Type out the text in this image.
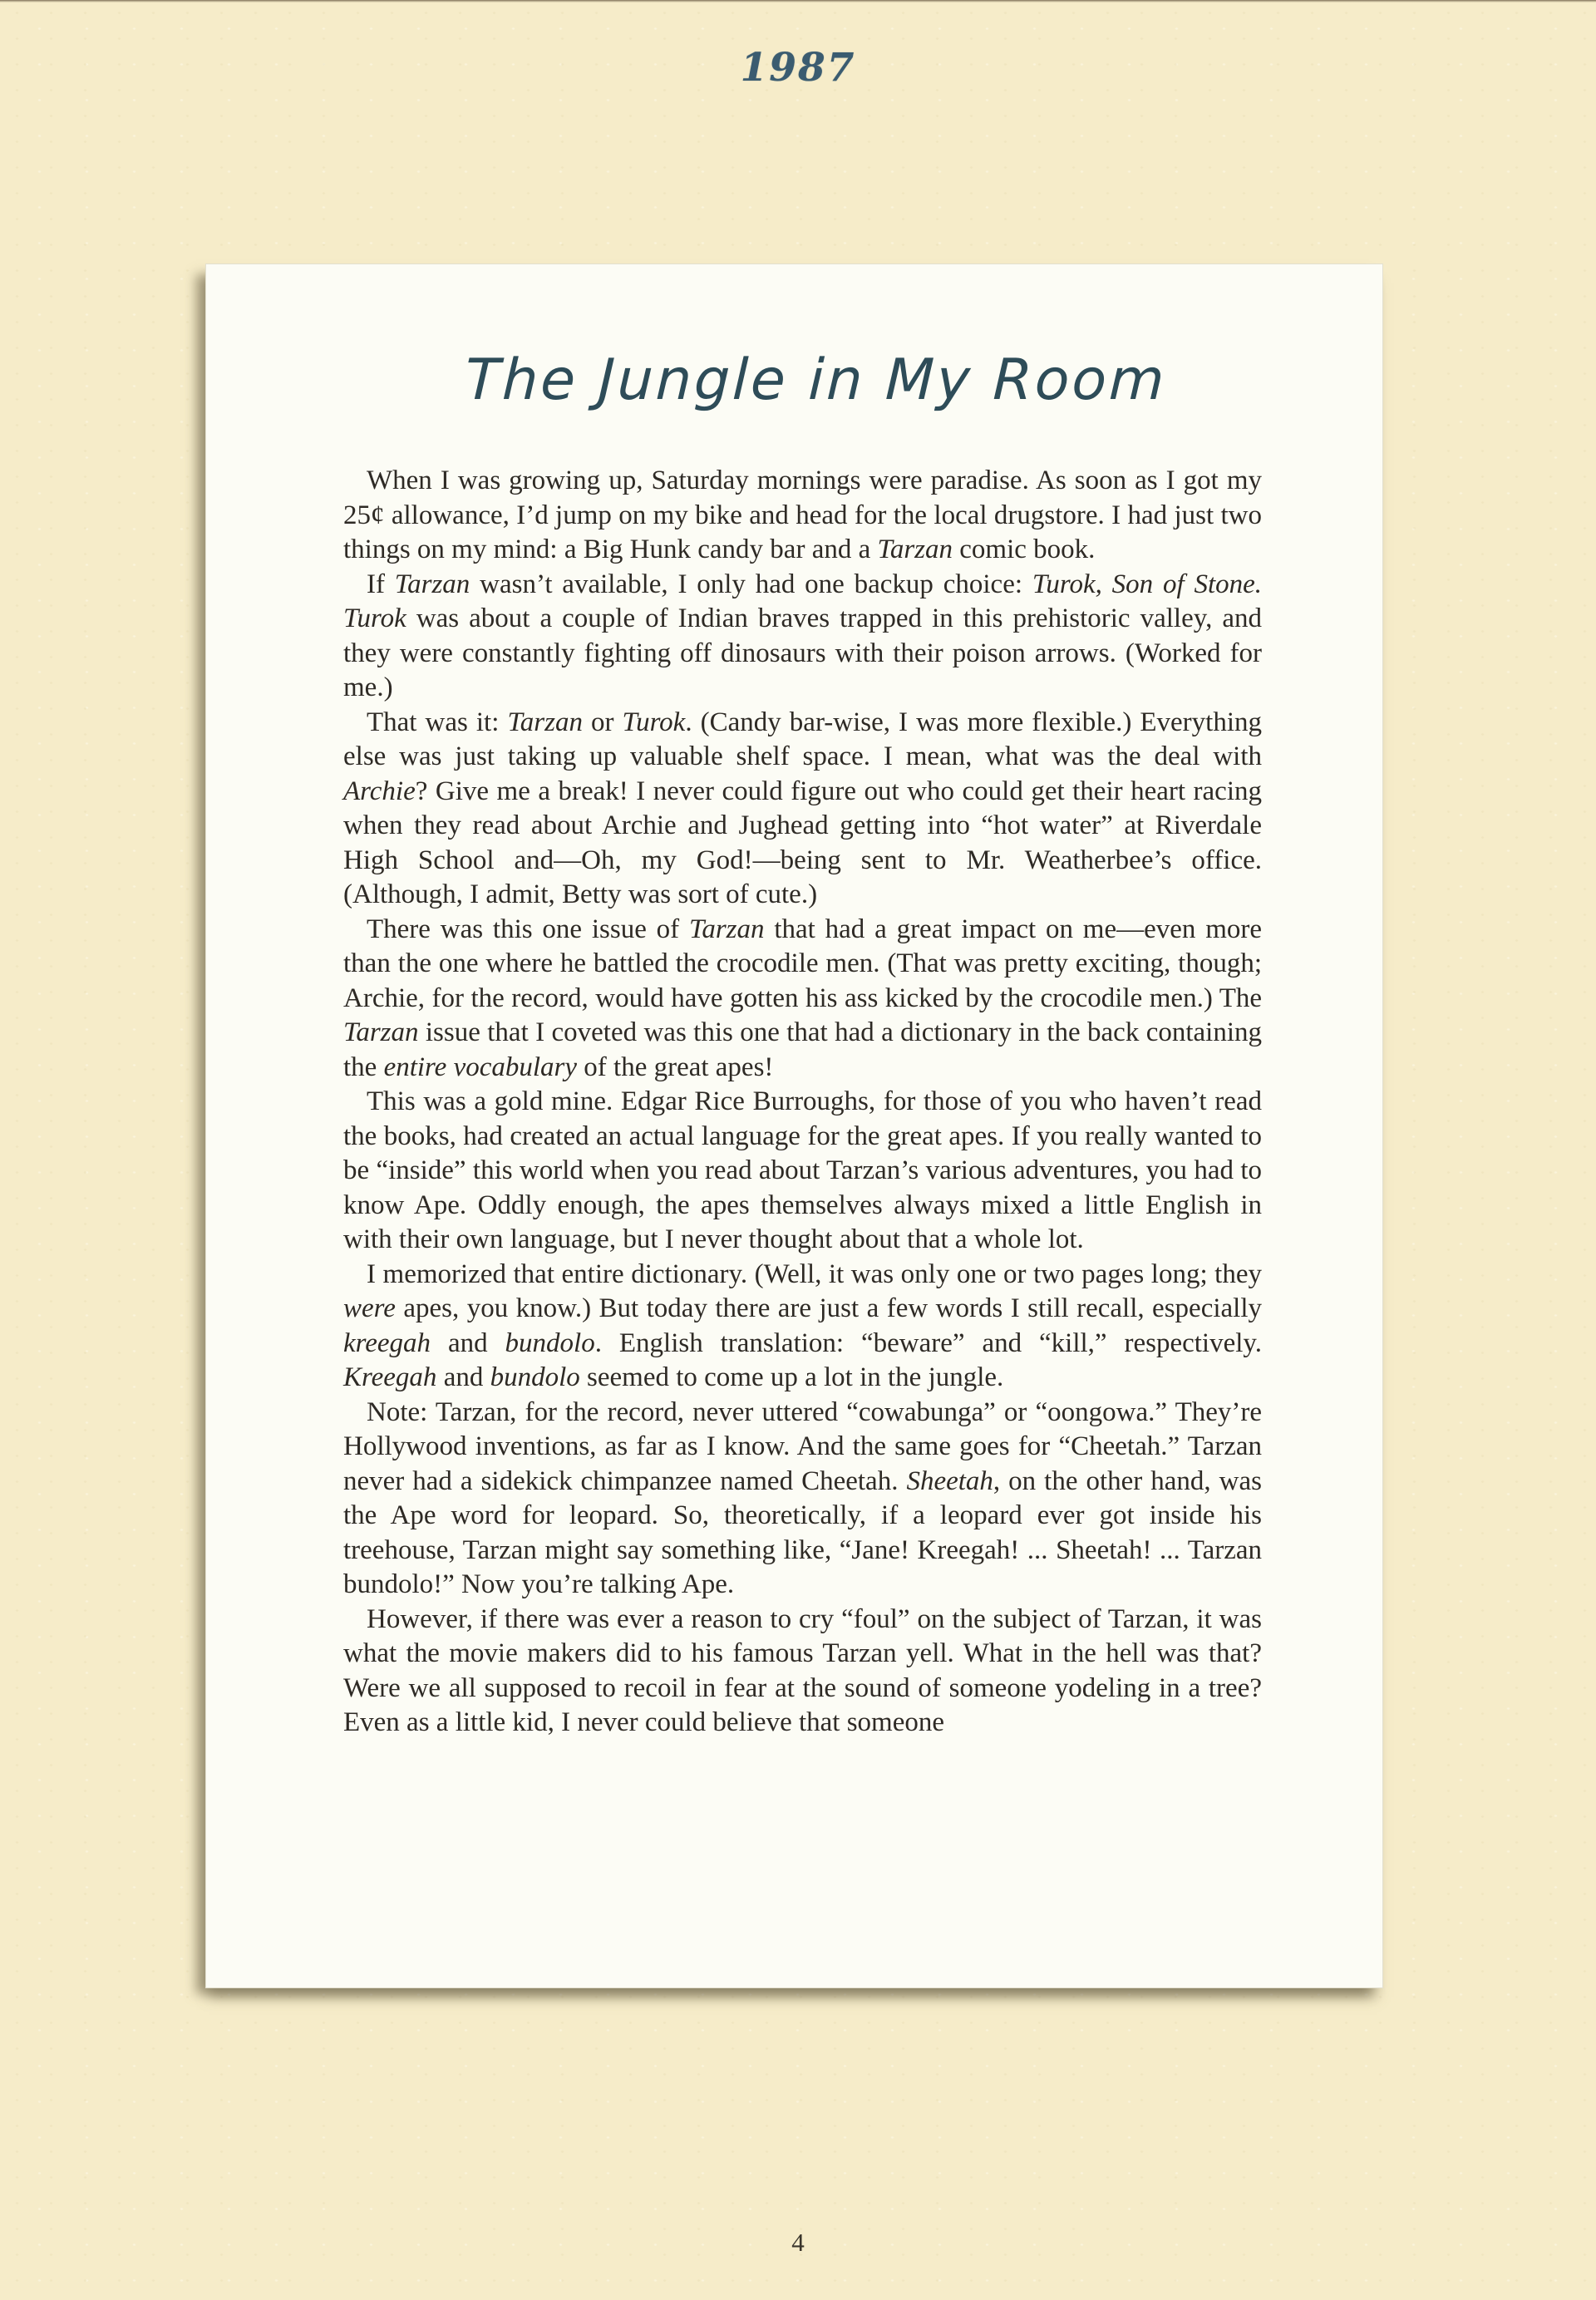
1987
The Jungle in My Room

When I was growing up, Saturday mornings were paradise. As soon as I got my 25¢ allowance, I’d jump on my bike and head for the local drugstore. I had just two things on my mind: a Big Hunk candy bar and a Tarzan comic book.

If Tarzan wasn’t available, I only had one backup choice: Turok, Son of Stone. Turok was about a couple of Indian braves trapped in this prehistoric valley, and they were constantly fighting off dinosaurs with their poison arrows. (Worked for me.)

That was it: Tarzan or Turok. (Candy bar-wise, I was more flexible.) Everything else was just taking up valuable shelf space. I mean, what was the deal with Archie? Give me a break! I never could figure out who could get their heart racing when they read about Archie and Jughead getting into “hot water” at Riverdale High School and—Oh, my God!—being sent to Mr. Weatherbee’s office. (Although, I admit, Betty was sort of cute.)

There was this one issue of Tarzan that had a great impact on me—even more than the one where he battled the crocodile men. (That was pretty exciting, though; Archie, for the record, would have gotten his ass kicked by the crocodile men.) The Tarzan issue that I coveted was this one that had a dictionary in the back containing the entire vocabulary of the great apes!

This was a gold mine. Edgar Rice Burroughs, for those of you who haven’t read the books, had created an actual language for the great apes. If you really wanted to be “inside” this world when you read about Tarzan’s various adventures, you had to know Ape. Oddly enough, the apes themselves always mixed a little English in with their own language, but I never thought about that a whole lot.

I memorized that entire dictionary. (Well, it was only one or two pages long; they were apes, you know.) But today there are just a few words I still recall, especially kreegah and bundolo. English translation: “beware” and “kill,” respectively. Kreegah and bundolo seemed to come up a lot in the jungle.

Note: Tarzan, for the record, never uttered “cowabunga” or “oongowa.” They’re Hollywood inventions, as far as I know. And the same goes for “Cheetah.” Tarzan never had a sidekick chimpanzee named Cheetah. Sheetah, on the other hand, was the Ape word for leopard. So, theoretically, if a leopard ever got inside his treehouse, Tarzan might say something like, “Jane! Kreegah! ... Sheetah! ... Tarzan bundolo!” Now you’re talking Ape.

However, if there was ever a reason to cry “foul” on the subject of Tarzan, it was what the movie makers did to his famous Tarzan yell. What in the hell was that? Were we all supposed to recoil in fear at the sound of someone yodeling in a tree? Even as a little kid, I never could believe that someone

4
